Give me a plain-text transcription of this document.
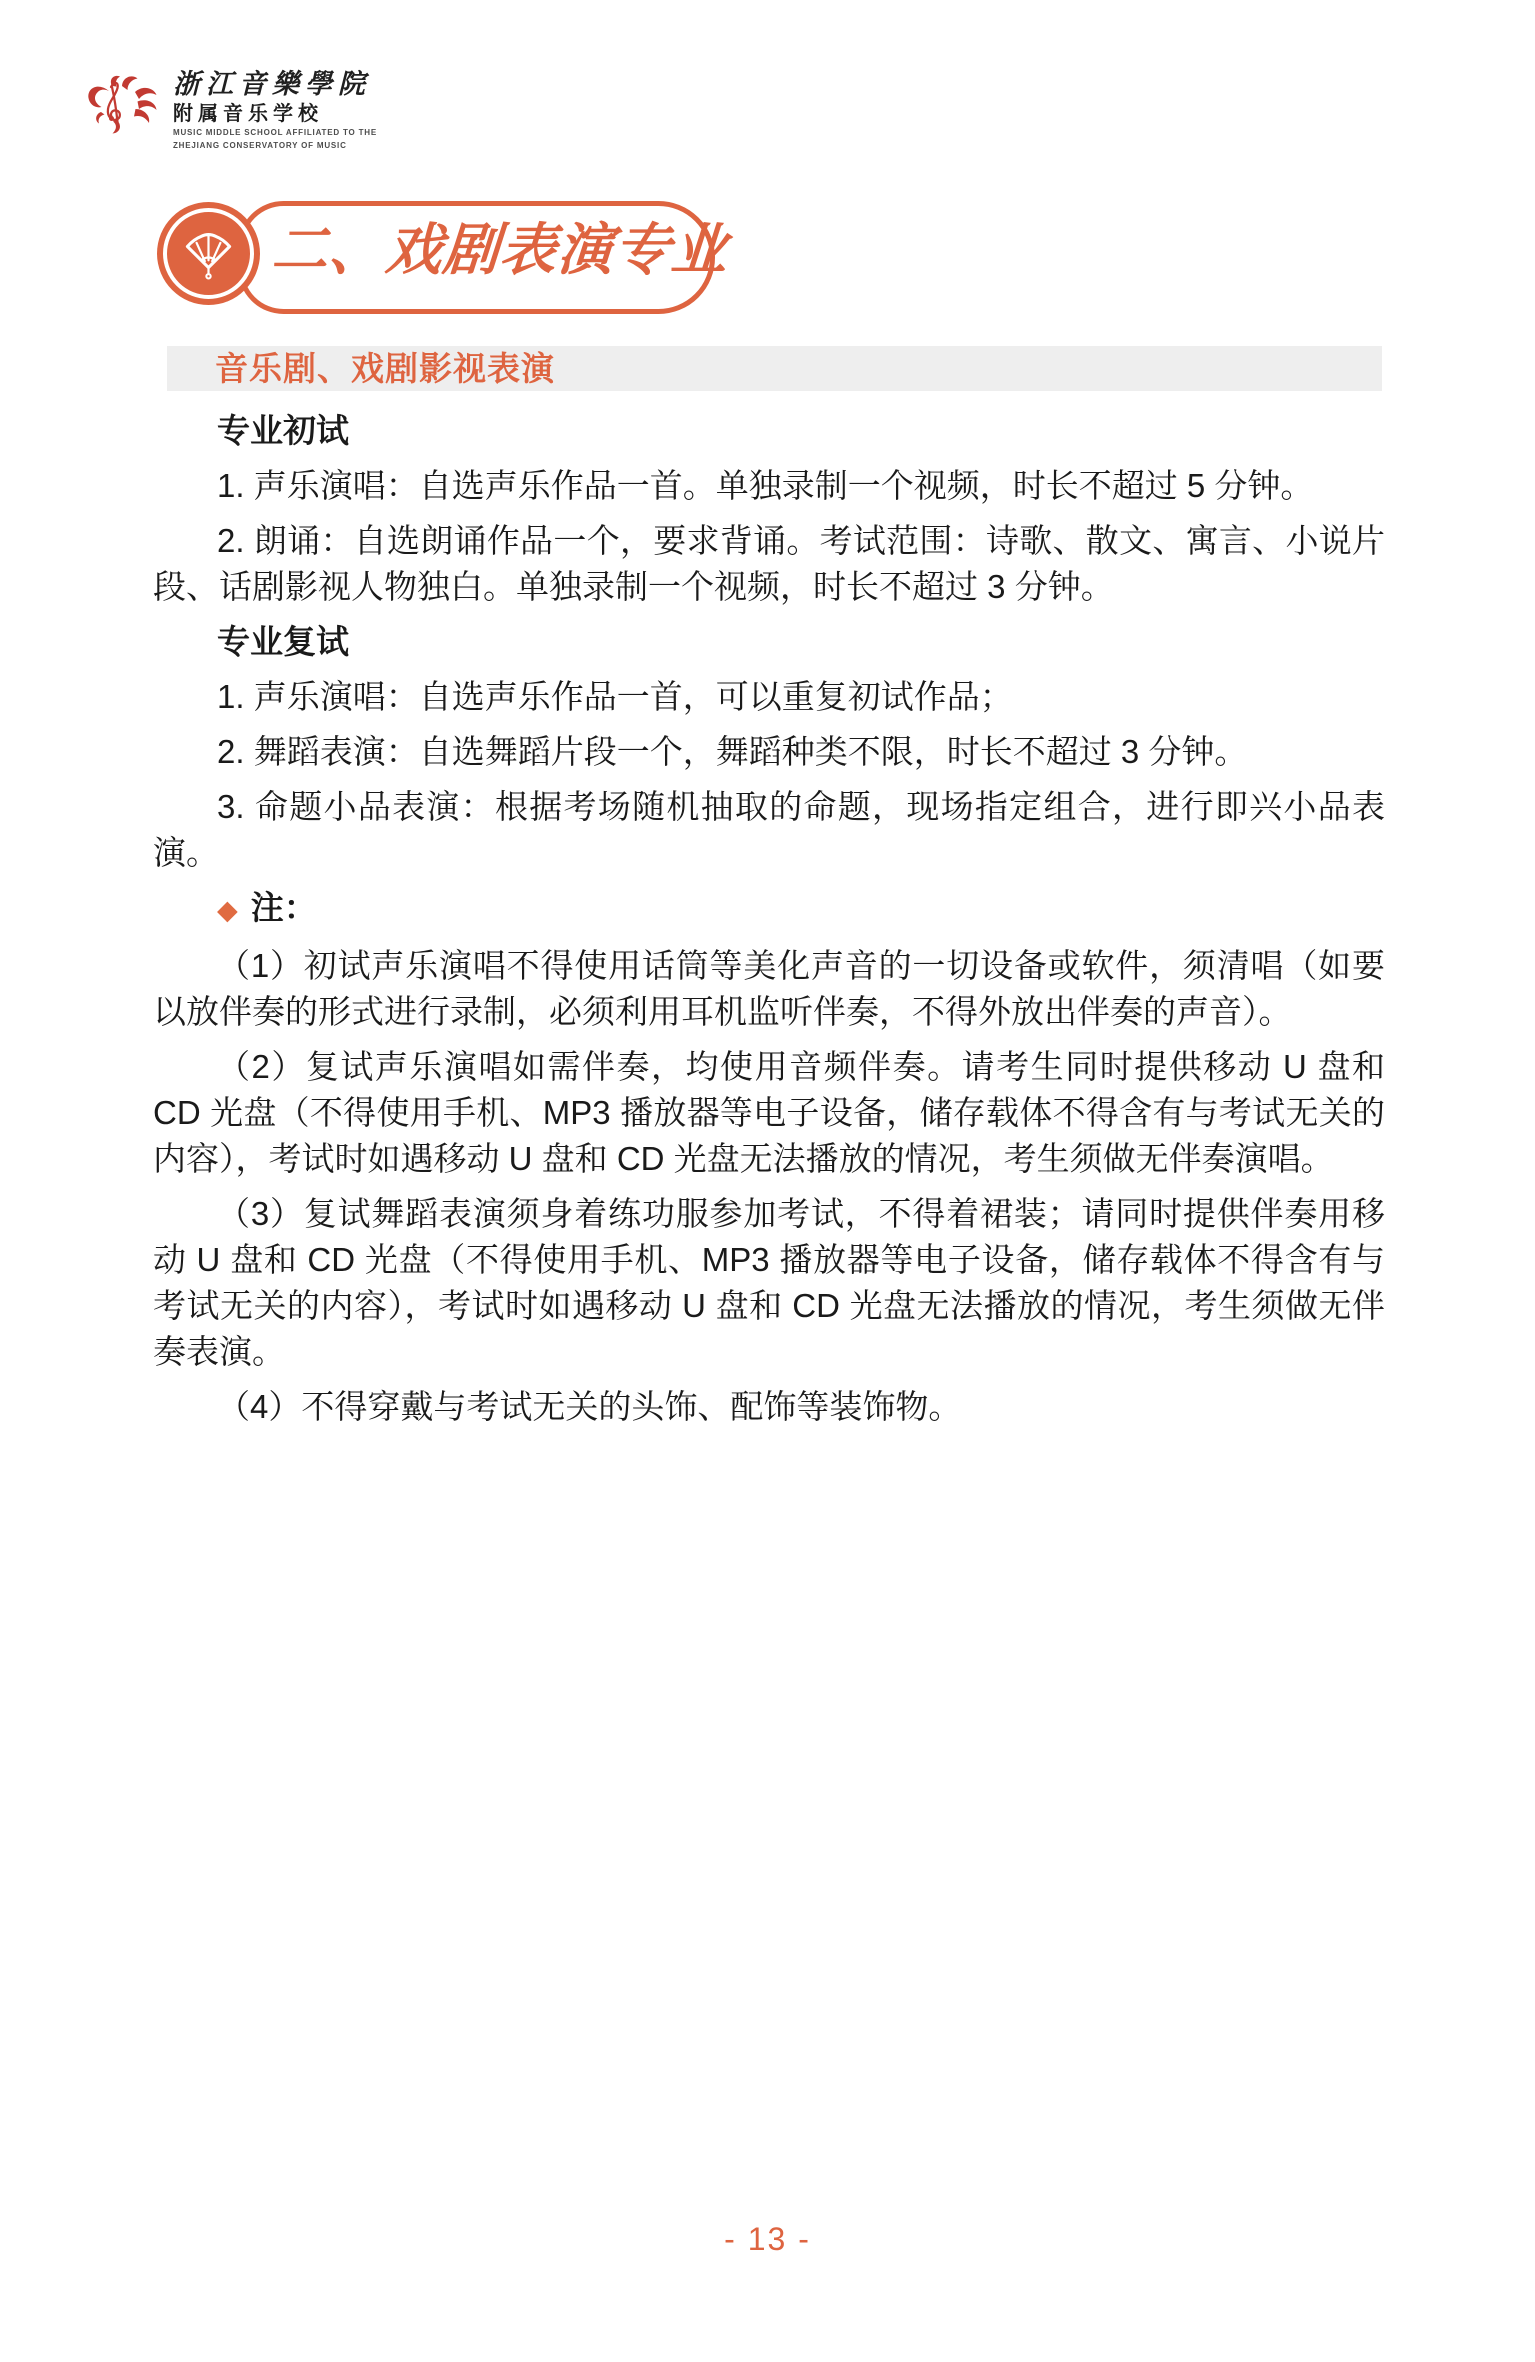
浙江音樂學院
附属音乐学校
MUSIC MIDDLE SCHOOL AFFILIATED TO THE
ZHEJIANG CONSERVATORY OF MUSIC
二、戏剧表演专业
音乐剧、戏剧影视表演

专业初试

1. 声乐演唱：自选声乐作品一首。单独录制一个视频，时长不超过 5 分钟。

2. 朗诵：自选朗诵作品一个，要求背诵。考试范围：诗歌、散文、寓言、小说片段、话剧影视人物独白。单独录制一个视频，时长不超过 3 分钟。

专业复试

1. 声乐演唱：自选声乐作品一首，可以重复初试作品；

2. 舞蹈表演：自选舞蹈片段一个，舞蹈种类不限，时长不超过 3 分钟。

3. 命题小品表演：根据考场随机抽取的命题，现场指定组合，进行即兴小品表演。

◆ 注：

（1）初试声乐演唱不得使用话筒等美化声音的一切设备或软件，须清唱（如要以放伴奏的形式进行录制，必须利用耳机监听伴奏，不得外放出伴奏的声音）。

（2）复试声乐演唱如需伴奏，均使用音频伴奏。请考生同时提供移动 U 盘和 CD 光盘（不得使用手机、MP3 播放器等电子设备，储存载体不得含有与考试无关的内容），考试时如遇移动 U 盘和 CD 光盘无法播放的情况，考生须做无伴奏演唱。

（3）复试舞蹈表演须身着练功服参加考试，不得着裙装；请同时提供伴奏用移动 U 盘和 CD 光盘（不得使用手机、MP3 播放器等电子设备，储存载体不得含有与考试无关的内容），考试时如遇移动 U 盘和 CD 光盘无法播放的情况，考生须做无伴奏表演。

（4）不得穿戴与考试无关的头饰、配饰等装饰物。

- 13 -
